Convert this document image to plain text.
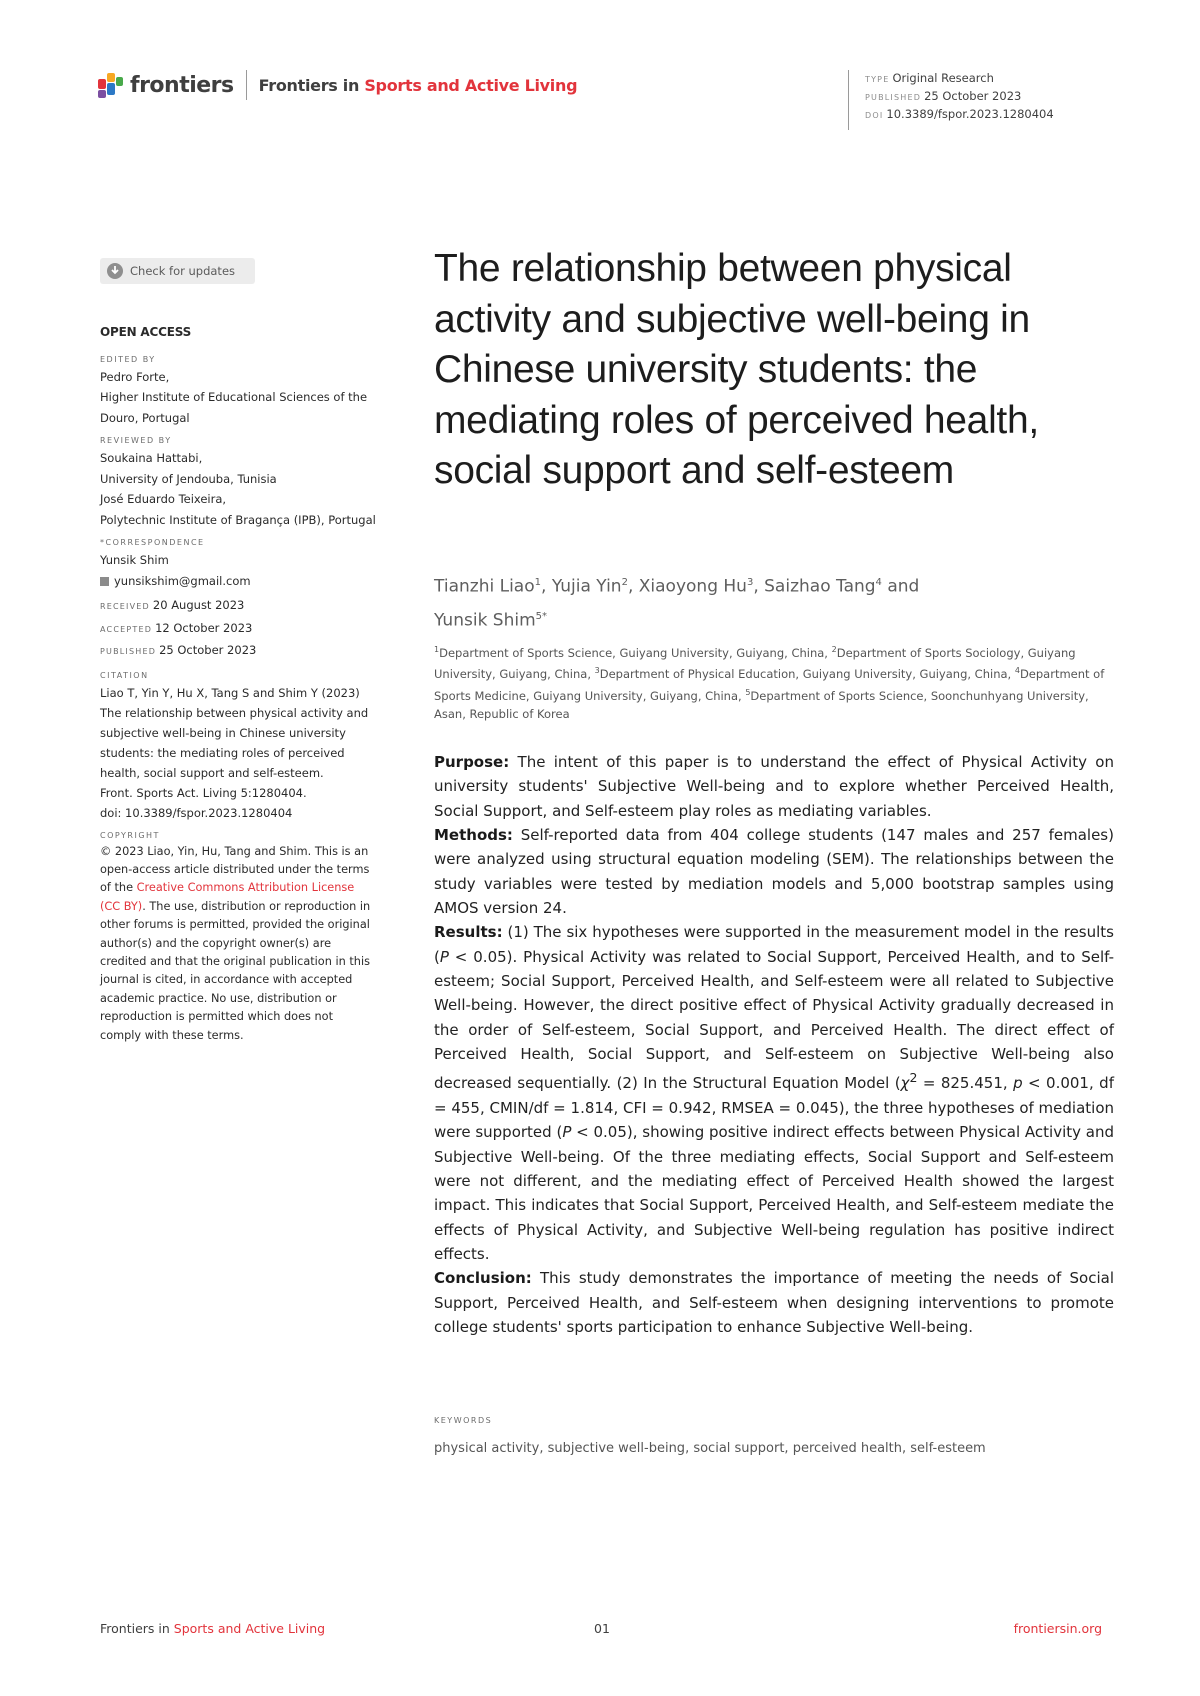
frontiers Frontiers in Sports and Active Living	TYPE Original Research
PUBLISHED 25 October 2023
DOI 10.3389/fspor.2023.1280404
Check for updates
OPEN ACCESS
EDITED BY
Pedro Forte,
Higher Institute of Educational Sciences of the
Douro, Portugal
REVIEWED BY
Soukaina Hattabi,
University of Jendouba, Tunisia
José Eduardo Teixeira,
Polytechnic Institute of Bragança (IPB), Portugal
*CORRESPONDENCE
Yunsik Shim
yunsikshim@gmail.com
RECEIVED 20 August 2023
ACCEPTED 12 October 2023
PUBLISHED 25 October 2023
CITATION
Liao T, Yin Y, Hu X, Tang S and Shim Y (2023)
The relationship between physical activity and
subjective well-being in Chinese university
students: the mediating roles of perceived
health, social support and self-esteem.
Front. Sports Act. Living 5:1280404.
doi: 10.3389/fspor.2023.1280404
COPYRIGHT
© 2023 Liao, Yin, Hu, Tang and Shim. This is an
open-access article distributed under the terms
of the Creative Commons Attribution License
(CC BY). The use, distribution or reproduction in
other forums is permitted, provided the original
author(s) and the copyright owner(s) are
credited and that the original publication in this
journal is cited, in accordance with accepted
academic practice. No use, distribution or
reproduction is permitted which does not
comply with these terms.
The relationship between physical activity and subjective well-being in Chinese university students: the mediating roles of perceived health, social support and self-esteem
Tianzhi Liao$^1$, Yujia Yin$^2$, Xiaoyong Hu$^3$, Saizhao Tang$^4$ and
Yunsik Shim$^{5*}$
$^1$Department of Sports Science, Guiyang University, Guiyang, China, $^2$Department of Sports Sociology, Guiyang University, Guiyang, China, $^3$Department of Physical Education, Guiyang University, Guiyang, China, $^4$Department of Sports Medicine, Guiyang University, Guiyang, China, $^5$Department of Sports Science, Soonchunhyang University, Asan, Republic of Korea

Purpose: The intent of this paper is to understand the effect of Physical Activity on university students' Subjective Well-being and to explore whether Perceived Health, Social Support, and Self-esteem play roles as mediating variables.

Methods: Self-reported data from 404 college students (147 males and 257 females) were analyzed using structural equation modeling (SEM). The relationships between the study variables were tested by mediation models and 5,000 bootstrap samples using AMOS version 24.

Results: (1) The six hypotheses were supported in the measurement model in the results (P < 0.05). Physical Activity was related to Social Support, Perceived Health, and to Self-esteem; Social Support, Perceived Health, and Self-esteem were all related to Subjective Well-being. However, the direct positive effect of Physical Activity gradually decreased in the order of Self-esteem, Social Support, and Perceived Health. The direct effect of Perceived Health, Social Support, and Self-esteem on Subjective Well-being also decreased sequentially. (2) In the Structural Equation Model ($\chi^2 = 825.451$, p < 0.001, df = 455, CMIN/df = 1.814, CFI = 0.942, RMSEA = 0.045), the three hypotheses of mediation were supported (P < 0.05), showing positive indirect effects between Physical Activity and Subjective Well-being. Of the three mediating effects, Social Support and Self-esteem were not different, and the mediating effect of Perceived Health showed the largest impact. This indicates that Social Support, Perceived Health, and Self-esteem mediate the effects of Physical Activity, and Subjective Well-being regulation has positive indirect effects.

Conclusion: This study demonstrates the importance of meeting the needs of Social Support, Perceived Health, and Self-esteem when designing interventions to promote college students' sports participation to enhance Subjective Well-being.

KEYWORDS
physical activity, subjective well-being, social support, perceived health, self-esteem
Frontiers in Sports and Active Living	01	frontiersin.org
